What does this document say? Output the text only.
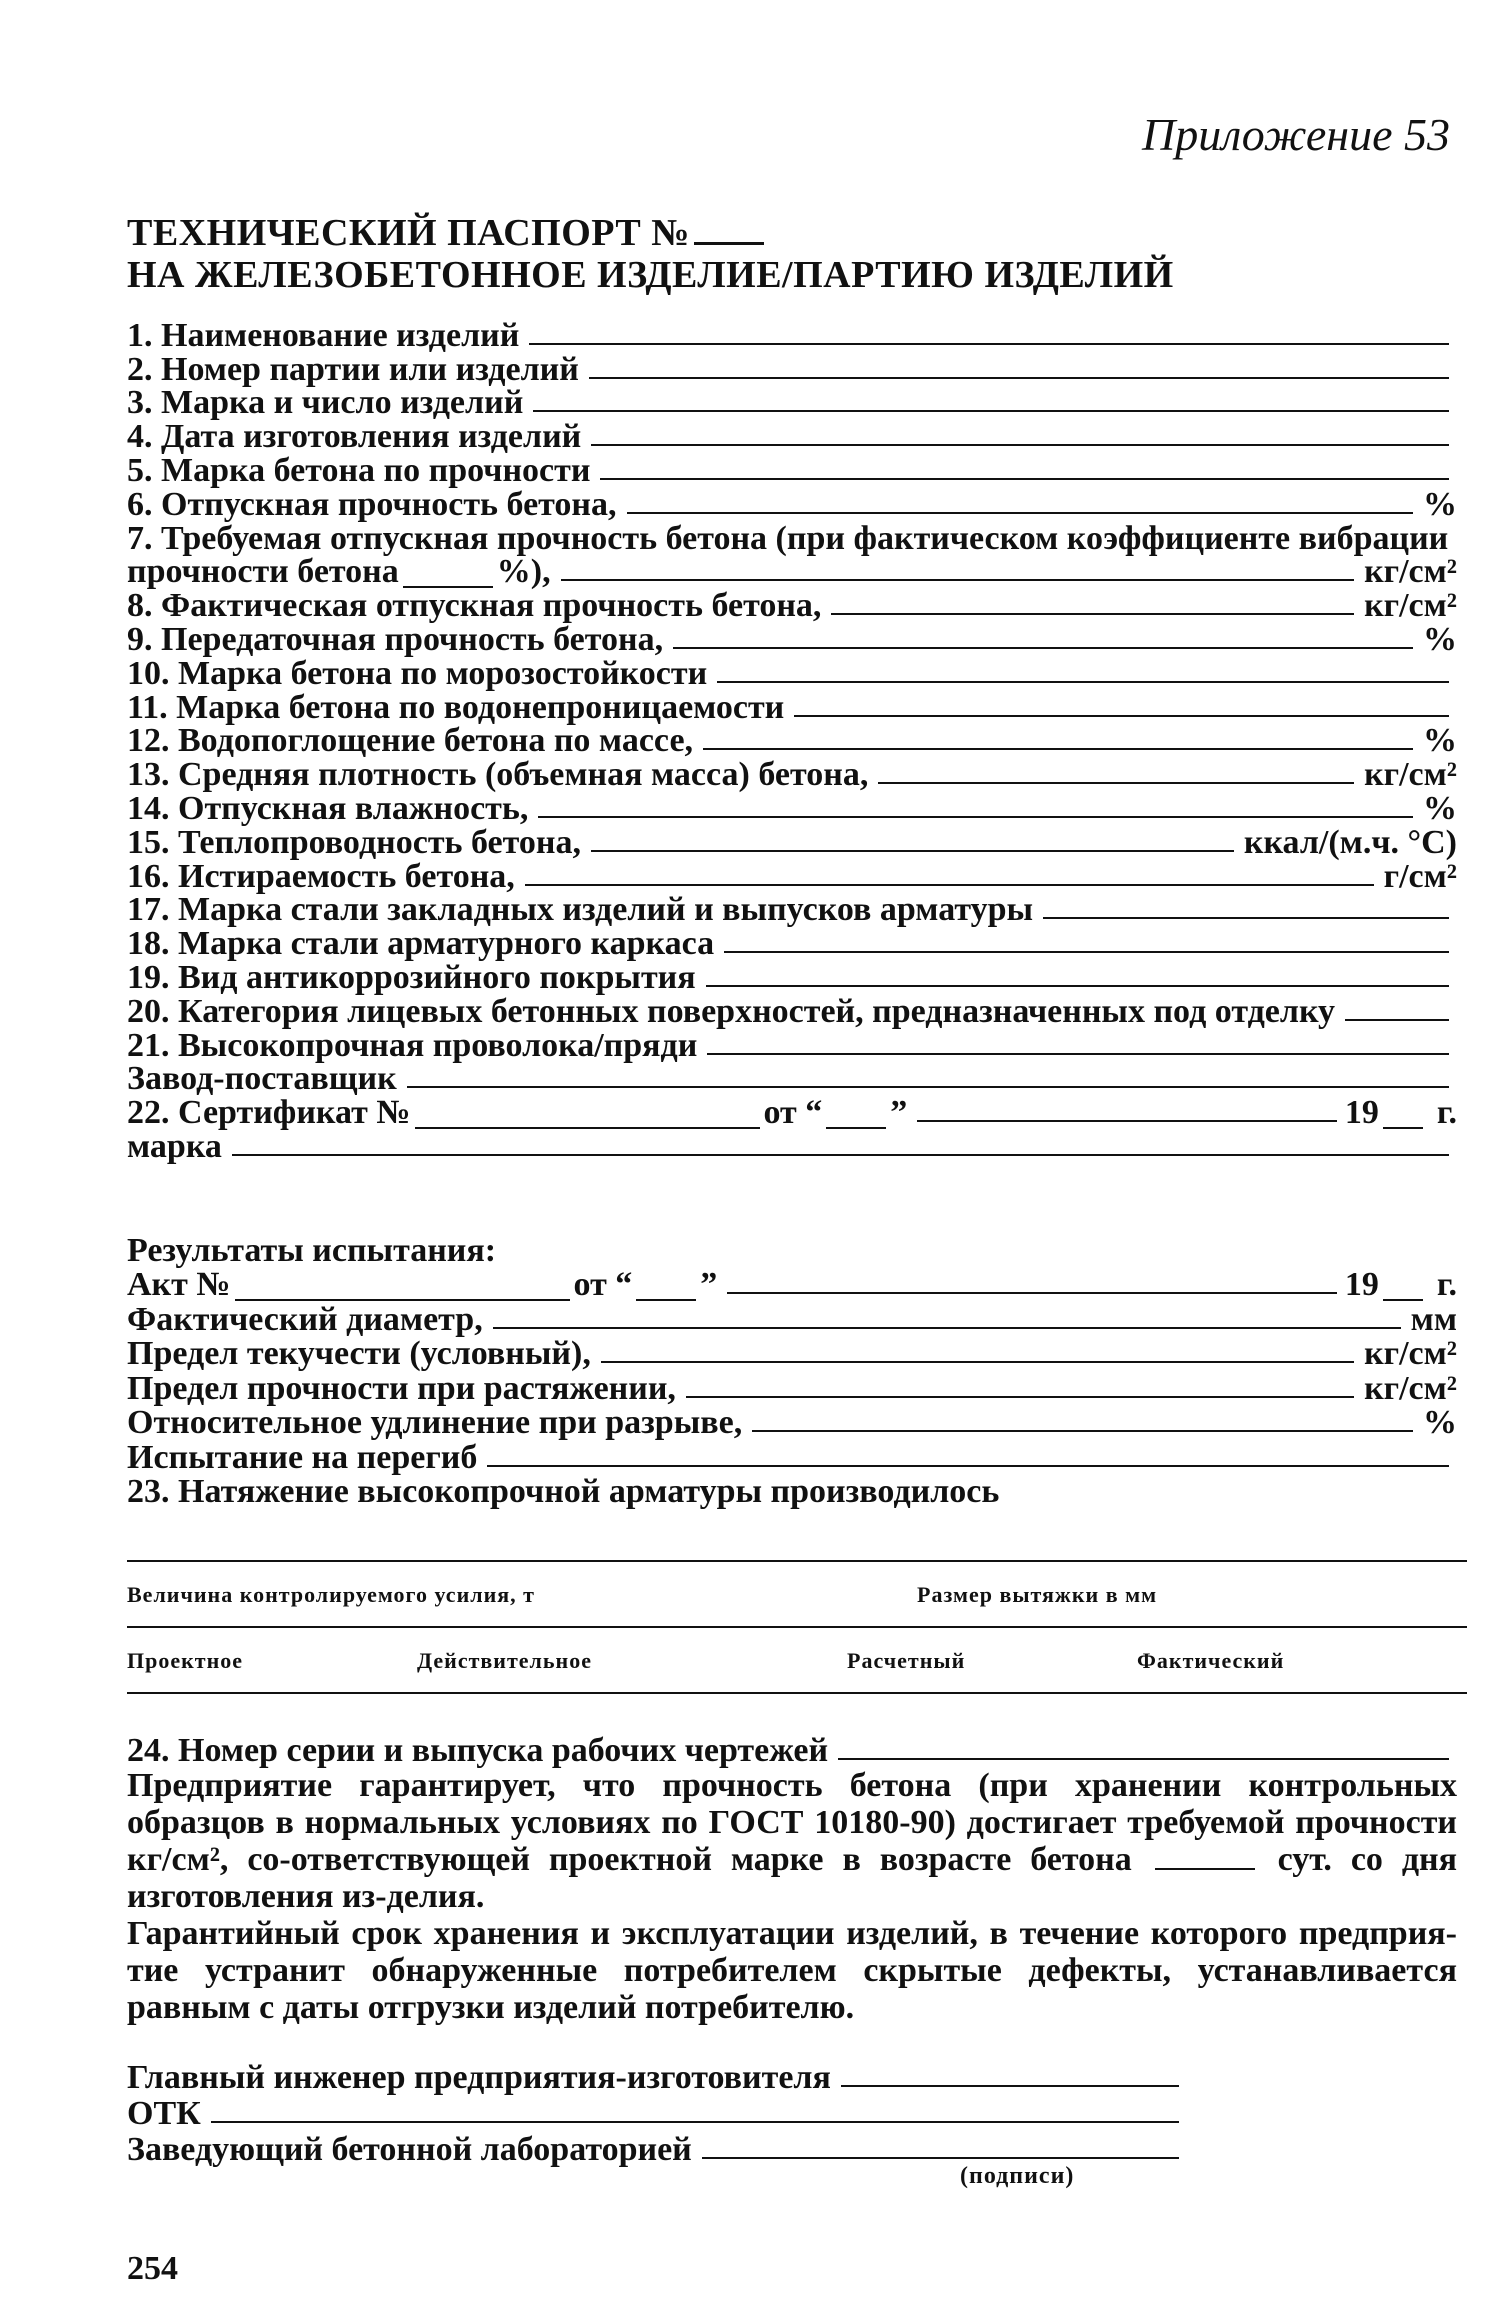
Приложение 53
ТЕХНИЧЕСКИЙ ПАСПОРТ №
НА ЖЕЛЕЗОБЕТОННОЕ ИЗДЕЛИЕ/ПАРТИЮ ИЗДЕЛИЙ
1. Наименование изделий
2. Номер партии или изделий
3. Марка и число изделий
4. Дата изготовления изделий
5. Марка бетона по прочности
6. Отпускная прочность бетона,	%
7. Требуемая отпускная прочность бетона (при фактическом коэффициенте вибрации
прочности бетона	%),	кг/см²
8. Фактическая отпускная прочность бетона,	кг/см²
9. Передаточная прочность бетона,	%
10. Марка бетона по морозостойкости
11. Марка бетона по водонепроницаемости
12. Водопоглощение бетона по массе,	%
13. Средняя плотность (объемная масса) бетона,	кг/см²
14. Отпускная влажность,	%
15. Теплопроводность бетона,	ккал/(м.ч. °С)
16. Истираемость бетона,	г/см²
17. Марка стали закладных изделий и выпусков арматуры
18. Марка стали арматурного каркаса
19. Вид антикоррозийного покрытия
20. Категория лицевых бетонных поверхностей, предназначенных под отделку
21. Высокопрочная проволока/пряди
Завод-поставщик
22. Сертификат №	от “ ”	19 г.
марка
Результаты испытания:
Акт №	от “ ”	19 г.
Фактический диаметр,	мм
Предел текучести (условный),	кг/см²
Предел прочности при растяжении,	кг/см²
Относительное удлинение при разрыве,	%
Испытание на перегиб
23. Натяжение высокопрочной арматуры производилось
Величина контролируемого усилия, т	Размер вытяжки в мм
Проектное	Действительное	Расчетный	Фактический
24. Номер серии и выпуска рабочих чертежей

Предприятие гарантирует, что прочность бетона (при хранении контрольных образцов в нормальных условиях по ГОСТ 10180-90) достигает требуемой прочности кг/см², со-ответствующей проектной марке в возрасте бетона	сут. со дня изготовления из-делия.

Гарантийный срок хранения и эксплуатации изделий, в течение которого предприя-тие устранит обнаруженные потребителем скрытые дефекты, устанавливается равным с даты отгрузки изделий потребителю.

Главный инженер предприятия-изготовителя
ОТК
Заведующий бетонной лабораторией
(подписи)
254
